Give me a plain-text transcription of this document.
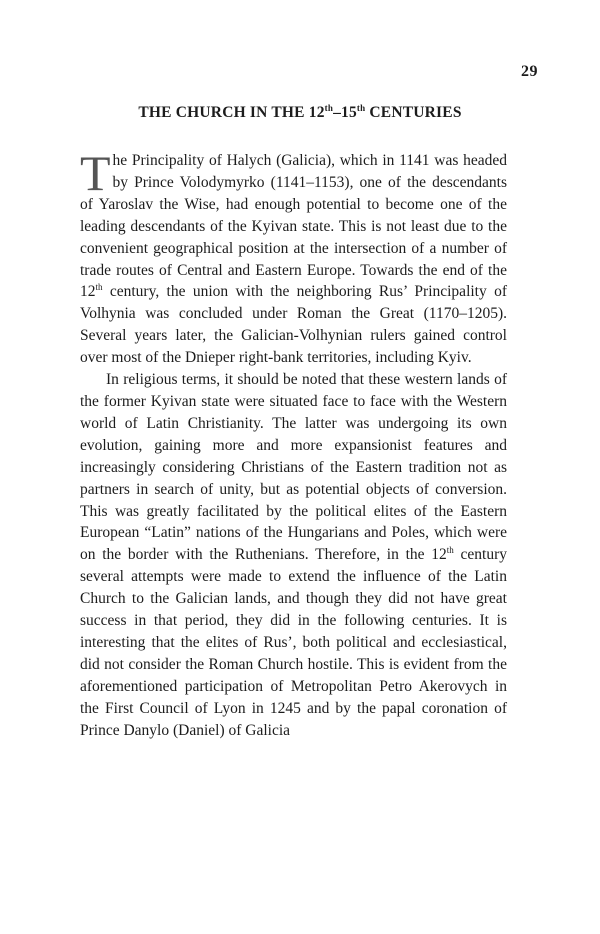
29
THE CHURCH IN THE 12th–15th CENTURIES

The Principality of Halych (Galicia), which in 1141 was headed by Prince Volodymyrko (1141–1153), one of the descendants of Yaroslav the Wise, had enough potential to become one of the leading descendants of the Kyivan state. This is not least due to the convenient geographical position at the intersection of a number of trade routes of Central and Eastern Europe. Towards the end of the 12th century, the union with the neighboring Rus’ Principality of Volhynia was concluded under Roman the Great (1170–1205). Several years later, the Galician-Volhynian rulers gained control over most of the Dnieper right-bank territories, including Kyiv.

In religious terms, it should be noted that these western lands of the former Kyivan state were situated face to face with the Western world of Latin Christianity. The latter was undergoing its own evolution, gaining more and more expansionist features and increasingly considering Christians of the Eastern tradition not as partners in search of unity, but as potential objects of conversion. This was greatly facilitated by the political elites of the Eastern European “Latin” nations of the Hungarians and Poles, which were on the border with the Ruthenians. Therefore, in the 12th century several attempts were made to extend the influence of the Latin Church to the Galician lands, and though they did not have great success in that period, they did in the following centuries. It is interesting that the elites of Rus’, both political and ecclesiastical, did not consider the Roman Church hostile. This is evident from the aforementioned participation of Metropolitan Petro Akerovych in the First Council of Lyon in 1245 and by the papal coronation of Prince Danylo (Daniel) of Galicia
